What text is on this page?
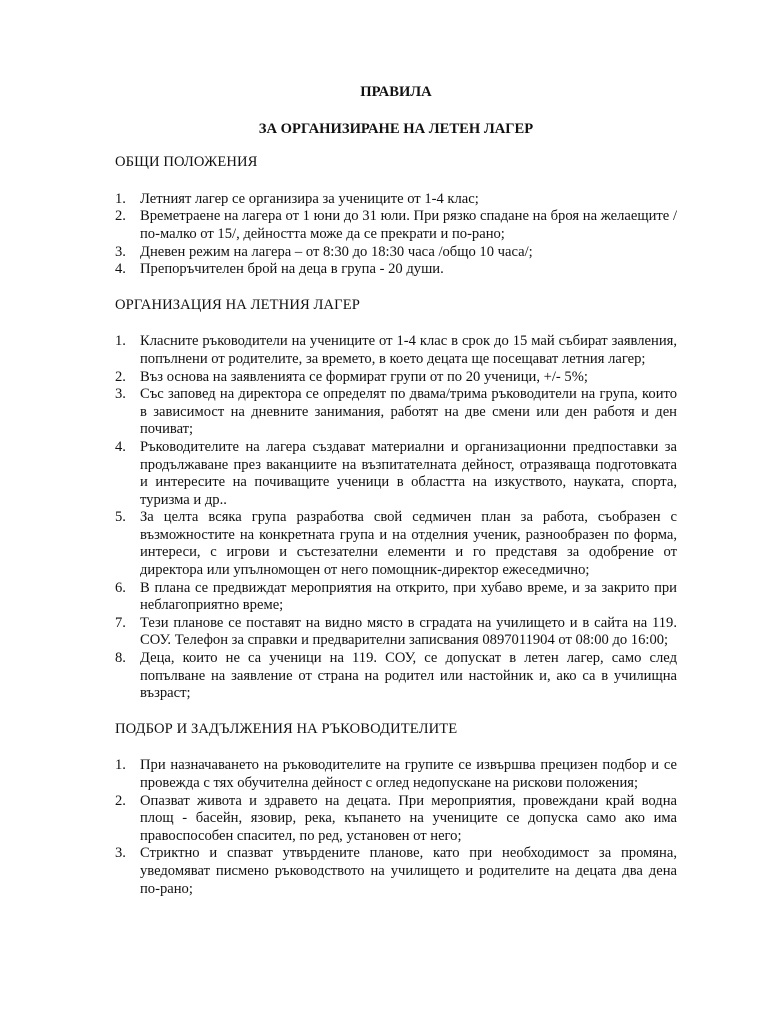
ПРАВИЛА

ЗА ОРГАНИЗИРАНЕ НА ЛЕТЕН ЛАГЕР

ОБЩИ ПОЛОЖЕНИЯ

1. Летният лагер се организира за учениците от 1-4 клас;
2. Времетраене на лагера от 1 юни до 31 юли. При рязко спадане на броя на желаещите /по-малко от 15/, дейността може да се прекрати и по-рано;
3. Дневен режим на лагера – от 8:30 до 18:30 часа /общо 10 часа/;
4. Препоръчителен брой на деца в група - 20 души.

ОРГАНИЗАЦИЯ НА ЛЕТНИЯ ЛАГЕР

1. Класните ръководители на учениците от 1-4 клас в срок до 15 май събират заявления, попълнени от родителите, за времето, в което децата ще посещават летния лагер;
2. Въз основа на заявленията се формират групи от по 20 ученици, +/- 5%;
3. Със заповед на директора се определят по двама/трима ръководители на група, които в зависимост на дневните занимания, работят на две смени или ден работя и ден почиват;
4. Ръководителите на лагера създават материални и организационни предпоставки за продължаване през ваканциите на възпитателната дейност, отразяваща подготовката и интересите на почиващите ученици в областта на изкуството, науката, спорта, туризма и др..
5. За целта всяка група разработва свой седмичен план за работа, съобразен с възможностите на конкретната група и на отделния ученик, разнообразен по форма, интереси, с игрови и състезателни елементи и го представя за одобрение от директора или упълномощен от него помощник-директор ежеседмично;
6. В плана се предвиждат мероприятия на открито, при хубаво време, и за закрито при неблагоприятно време;
7. Тези планове се поставят на видно място в сградата на училището и в сайта на 119. СОУ. Телефон за справки и предварителни записвания 0897011904 от 08:00 до 16:00;
8. Деца, които не са ученици на 119. СОУ, се допускат в летен лагер, само след попълване на заявление от страна на родител или настойник и, ако са в училищна възраст;

ПОДБОР И ЗАДЪЛЖЕНИЯ НА РЪКОВОДИТЕЛИТЕ

1. При назначаването на ръководителите на групите се извършва прецизен подбор и се провежда с тях обучителна дейност с оглед недопускане на рискови положения;
2. Опазват живота и здравето на децата. При мероприятия, провеждани край водна площ - басейн, язовир, река, къпането на учениците се допуска само ако има правоспособен спасител, по ред, установен от него;
3. Стриктно и спазват утвърдените планове, като при необходимост за промяна, уведомяват писмено ръководството на училището и родителите на децата два дена по-рано;
